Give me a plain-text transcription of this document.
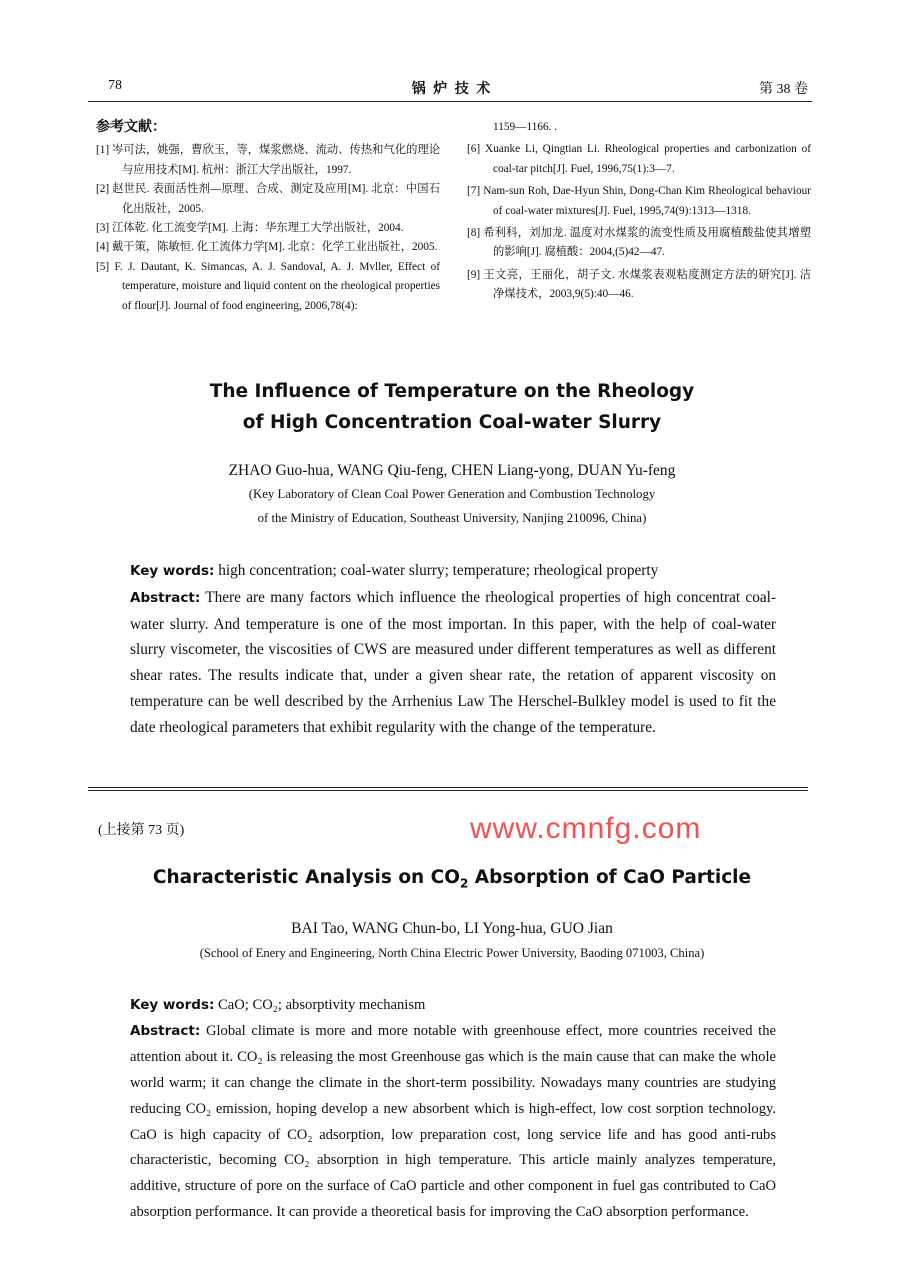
78	锅 炉 技 术	第 38 卷
参考文献：
[1] 岑可法，姚强，曹欣玉，等，煤浆燃烧、流动、传热和气化的理论与应用技术[M]. 杭州：浙江大学出版社，1997.
[2] 赵世民. 表面活性剂—原理、合成、测定及应用[M]. 北京：中国石化出版社，2005.
[3] 江体乾. 化工流变学[M]. 上海：华东理工大学出版社，2004.
[4] 戴干策，陈敏恒. 化工流体力学[M]. 北京：化学工业出版社，2005.
[5] F. J. Dautant, K. Simancas, A. J. Sandoval, A. J. Mvller, Effect of temperature, moisture and liquid content on the rheological properties of flour[J]. Journal of food engineering, 2006,78(4):
1159—1166. .
[6] Xuanke Li, Qingtian Li. Rheological properties and carbonization of coal-tar pitch[J]. Fuel, 1996,75(1):3—7.
[7] Nam-sun Roh, Dae-Hyun Shin, Dong-Chan Kim Rheological behaviour of coal-water mixtures[J]. Fuel, 1995,74(9):1313—1318.
[8] 希利科，刘加龙. 温度对水煤浆的流变性质及用腐植酸盐使其增塑的影响[J]. 腐植酸：2004,(5)42—47.
[9] 王文亮，王丽化，胡子文. 水煤浆表观粘度测定方法的研究[J]. 洁净煤技术，2003,9(5):40—46.
The Influence of Temperature on the Rheology
of High Concentration Coal-water Slurry
ZHAO Guo-hua, WANG Qiu-feng, CHEN Liang-yong, DUAN Yu-feng
(Key Laboratory of Clean Coal Power Generation and Combustion Technology
of the Ministry of Education, Southeast University, Nanjing 210096, China)
Key words: high concentration; coal-water slurry; temperature; rheological property
Abstract: There are many factors which influence the rheological properties of high concentrat coal-water slurry. And temperature is one of the most importan. In this paper, with the help of coal-water slurry viscometer, the viscosities of CWS are measured under different temperatures as well as different shear rates. The results indicate that, under a given shear rate, the retation of apparent viscosity on temperature can be well described by the Arrhenius Law The Herschel-Bulkley model is used to fit the date rheological parameters that exhibit regularity with the change of the temperature.
(上接第 73 页)
Characteristic Analysis on $CO_2$ Absorption of CaO Particle
BAI Tao, WANG Chun-bo, LI Yong-hua, GUO Jian
(School of Enery and Engineering, North China Electric Power University, Baoding 071003, China)
Key words: CaO; CO₂; absorptivity mechanism
Abstract: Global climate is more and more notable with greenhouse effect, more countries received the attention about it. CO₂ is releasing the most Greenhouse gas which is the main cause that can make the whole world warm; it can change the climate in the short-term possibility. Nowadays many countries are studying reducing CO₂ emission, hoping develop a new absorbent which is high-effect, low cost sorption technology. CaO is high capacity of CO₂ adsorption, low preparation cost, long service life and has good anti-rubs characteristic, becoming CO₂ absorption in high temperature. This article mainly analyzes temperature, additive, structure of pore on the surface of CaO particle and other component in fuel gas contributed to CaO absorption performance. It can provide a theoretical basis for improving the CaO absorption performance.
www.cmnfg.com
